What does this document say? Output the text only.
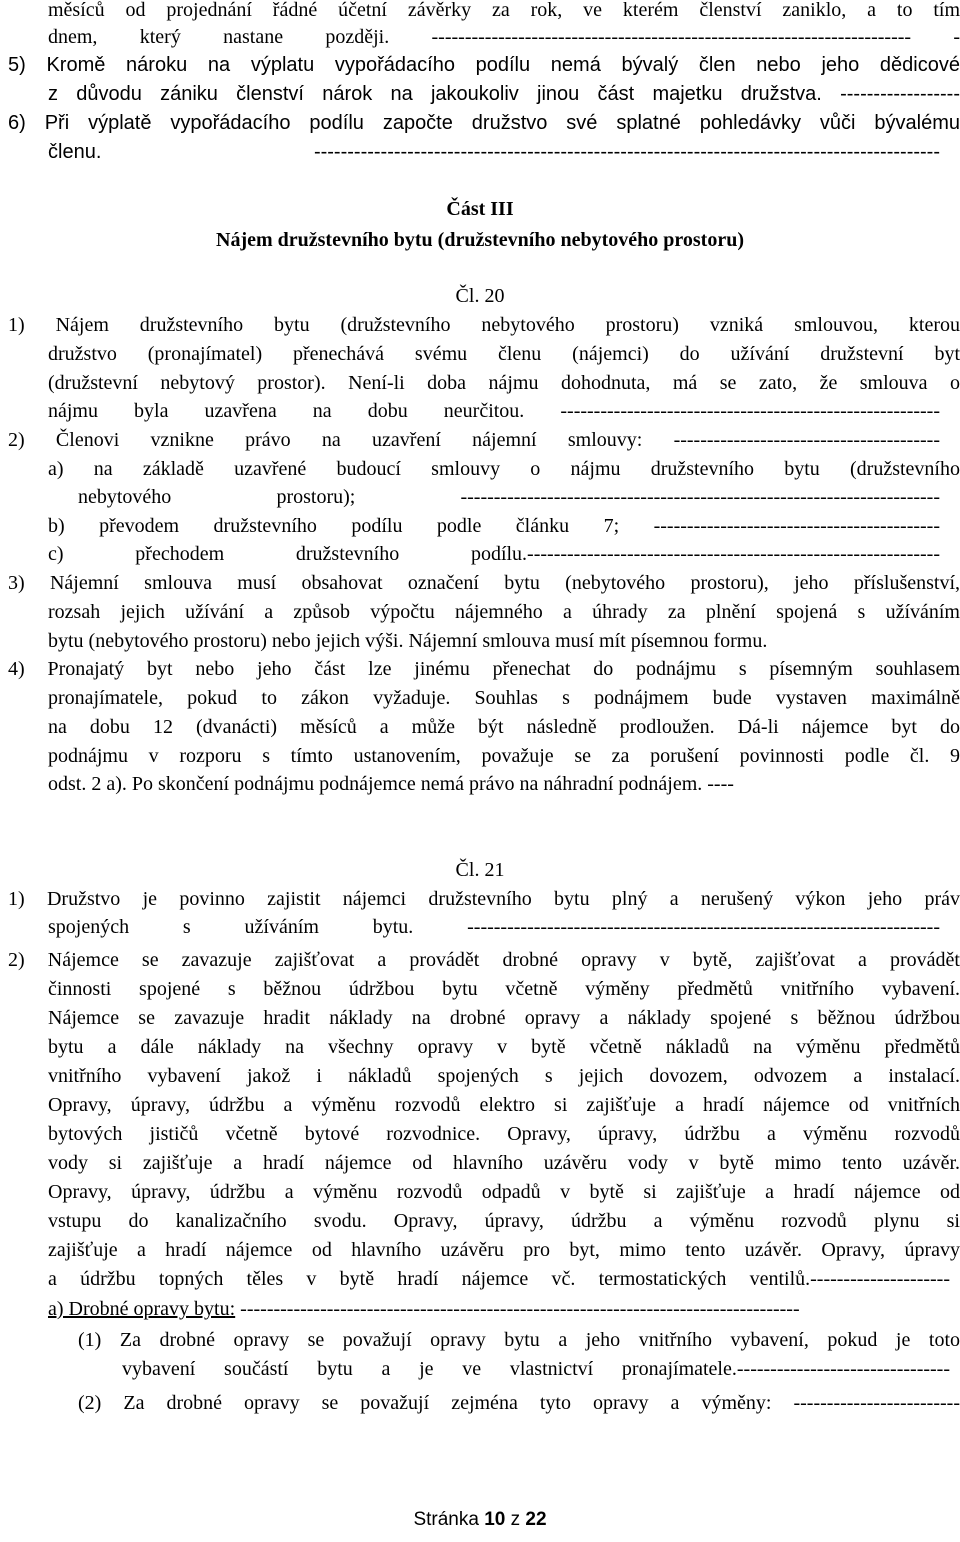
měsíců od projednání řádné účetní závěrky za rok, ve kterém členství zaniklo, a to tím
dnem, který nastane později. ------------------------------------------------------------------------ -
5) Kromě nároku na výplatu vypořádacího podílu nemá bývalý člen nebo jeho dědicové
z důvodu zániku členství nárok na jakoukoliv jinou část majetku družstva. ------------------
6) Při výplatě vypořádacího podílu započte družstvo své splatné pohledávky vůči bývalému
členu. ----------------------------------------------------------------------------------------------
Část III
Nájem družstevního bytu (družstevního nebytového prostoru)
Čl. 20
1) Nájem družstevního bytu (družstevního nebytového prostoru) vzniká smlouvou, kterou
družstvo (pronajímatel) přenechává svému členu (nájemci) do užívání družstevní byt
(družstevní nebytový prostor). Není-li doba nájmu dohodnuta, má se zato, že smlouva o
nájmu byla uzavřena na dobu neurčitou. ---------------------------------------------------------
2) Členovi vznikne právo na uzavření nájemní smlouvy: ----------------------------------------
a) na základě uzavřené budoucí smlouvy o nájmu družstevního bytu (družstevního
nebytového prostoru); ------------------------------------------------------------------------
b) převodem družstevního podílu podle článku 7; -------------------------------------------
c) přechodem družstevního podílu.--------------------------------------------------------------
3) Nájemní smlouva musí obsahovat označení bytu (nebytového prostoru), jeho příslušenství,
rozsah jejich užívání a způsob výpočtu nájemného a úhrady za plnění spojená s užíváním
bytu (nebytového prostoru) nebo jejich výši. Nájemní smlouva musí mít písemnou formu.
4) Pronajatý byt nebo jeho část lze jinému přenechat do podnájmu s písemným souhlasem
pronajímatele, pokud to zákon vyžaduje. Souhlas s podnájmem bude vystaven maximálně
na dobu 12 (dvanácti) měsíců a může být následně prodloužen. Dá-li nájemce byt do
podnájmu v rozporu s tímto ustanovením, považuje se za porušení povinnosti podle čl. 9
odst. 2 a). Po skončení podnájmu podnájemce nemá právo na náhradní podnájem. ----
Čl. 21
1) Družstvo je povinno zajistit nájemci družstevního bytu plný a nerušený výkon jeho práv
spojených s užíváním bytu. -----------------------------------------------------------------------
2) Nájemce se zavazuje zajišťovat a provádět drobné opravy v bytě, zajišťovat a provádět
činnosti spojené s běžnou údržbou bytu včetně výměny předmětů vnitřního vybavení.
Nájemce se zavazuje hradit náklady na drobné opravy a náklady spojené s běžnou údržbou
bytu a dále náklady na všechny opravy v bytě včetně nákladů na výměnu předmětů
vnitřního vybavení jakož i nákladů spojených s jejich dovozem, odvozem a instalací.
Opravy, úpravy, údržbu a výměnu rozvodů elektro si zajišťuje a hradí nájemce od vnitřních
bytových jističů včetně bytové rozvodnice. Opravy, úpravy, údržbu a výměnu rozvodů
vody si zajišťuje a hradí nájemce od hlavního uzávěru vody v bytě mimo tento uzávěr.
Opravy, úpravy, údržbu a výměnu rozvodů odpadů v bytě si zajišťuje a hradí nájemce od
vstupu do kanalizačního svodu. Opravy, úpravy, údržbu a výměnu rozvodů plynu si
zajišťuje a hradí nájemce od hlavního uzávěru pro byt, mimo tento uzávěr. Opravy, úpravy
a údržbu topných těles v bytě hradí nájemce vč. termostatických ventilů.---------------------
(1) Za drobné opravy se považují opravy bytu a jeho vnitřního vybavení, pokud je toto
vybavení součástí bytu a je ve vlastnictví pronajímatele.--------------------------------
(2) Za drobné opravy se považují zejména tyto opravy a výměny: -------------------------
a) Drobné opravy bytu: ------------------------------------------------------------------------------------
Stránka 10 z 22
